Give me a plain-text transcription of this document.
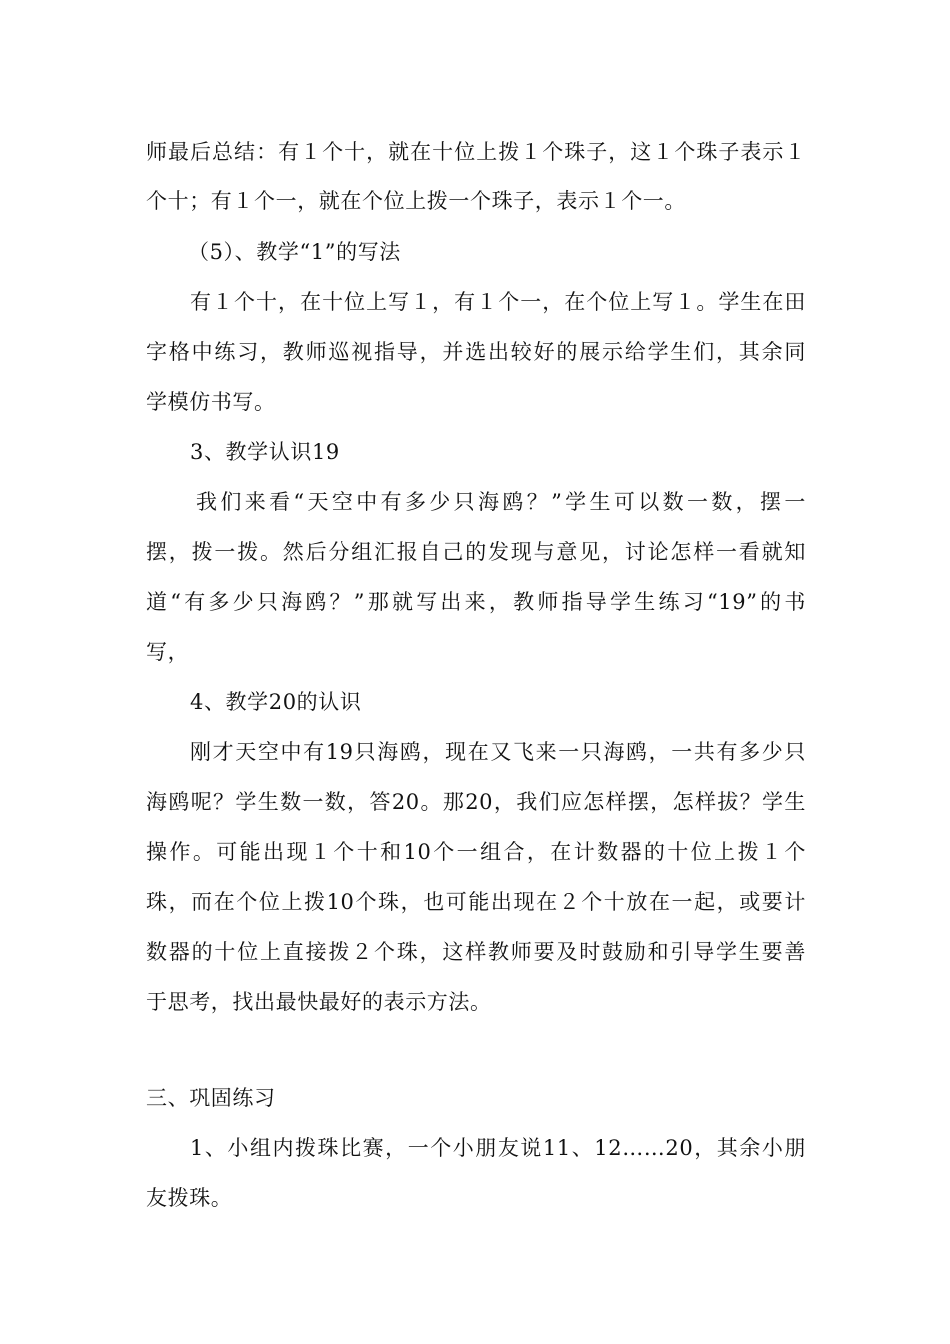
师最后总结：有１个十，就在十位上拨１个珠子，这１个珠子表示１
个十；有１个一，就在个位上拨一个珠子，表示１个一。
（5）、教学“1”的写法
有１个十，在十位上写１，有１个一，在个位上写１。学生在田
字格中练习，教师巡视指导，并选出较好的展示给学生们，其余同
学模仿书写。
3、教学认识19
我们来看“天空中有多少只海鸥？”学生可以数一数，摆一
摆，拨一拨。然后分组汇报自己的发现与意见，讨论怎样一看就知
道“有多少只海鸥？”那就写出来，教师指导学生练习“19”的书
写，
4、教学20的认识
刚才天空中有19只海鸥，现在又飞来一只海鸥，一共有多少只
海鸥呢？学生数一数，答20。那20，我们应怎样摆，怎样拔？学生
操作。可能出现１个十和10个一组合，在计数器的十位上拨１个
珠，而在个位上拨10个珠，也可能出现在２个十放在一起，或要计
数器的十位上直接拨２个珠，这样教师要及时鼓励和引导学生要善
于思考，找出最快最好的表示方法。
三、巩固练习
1、小组内拨珠比赛，一个小朋友说11、12……20，其余小朋
友拨珠。
